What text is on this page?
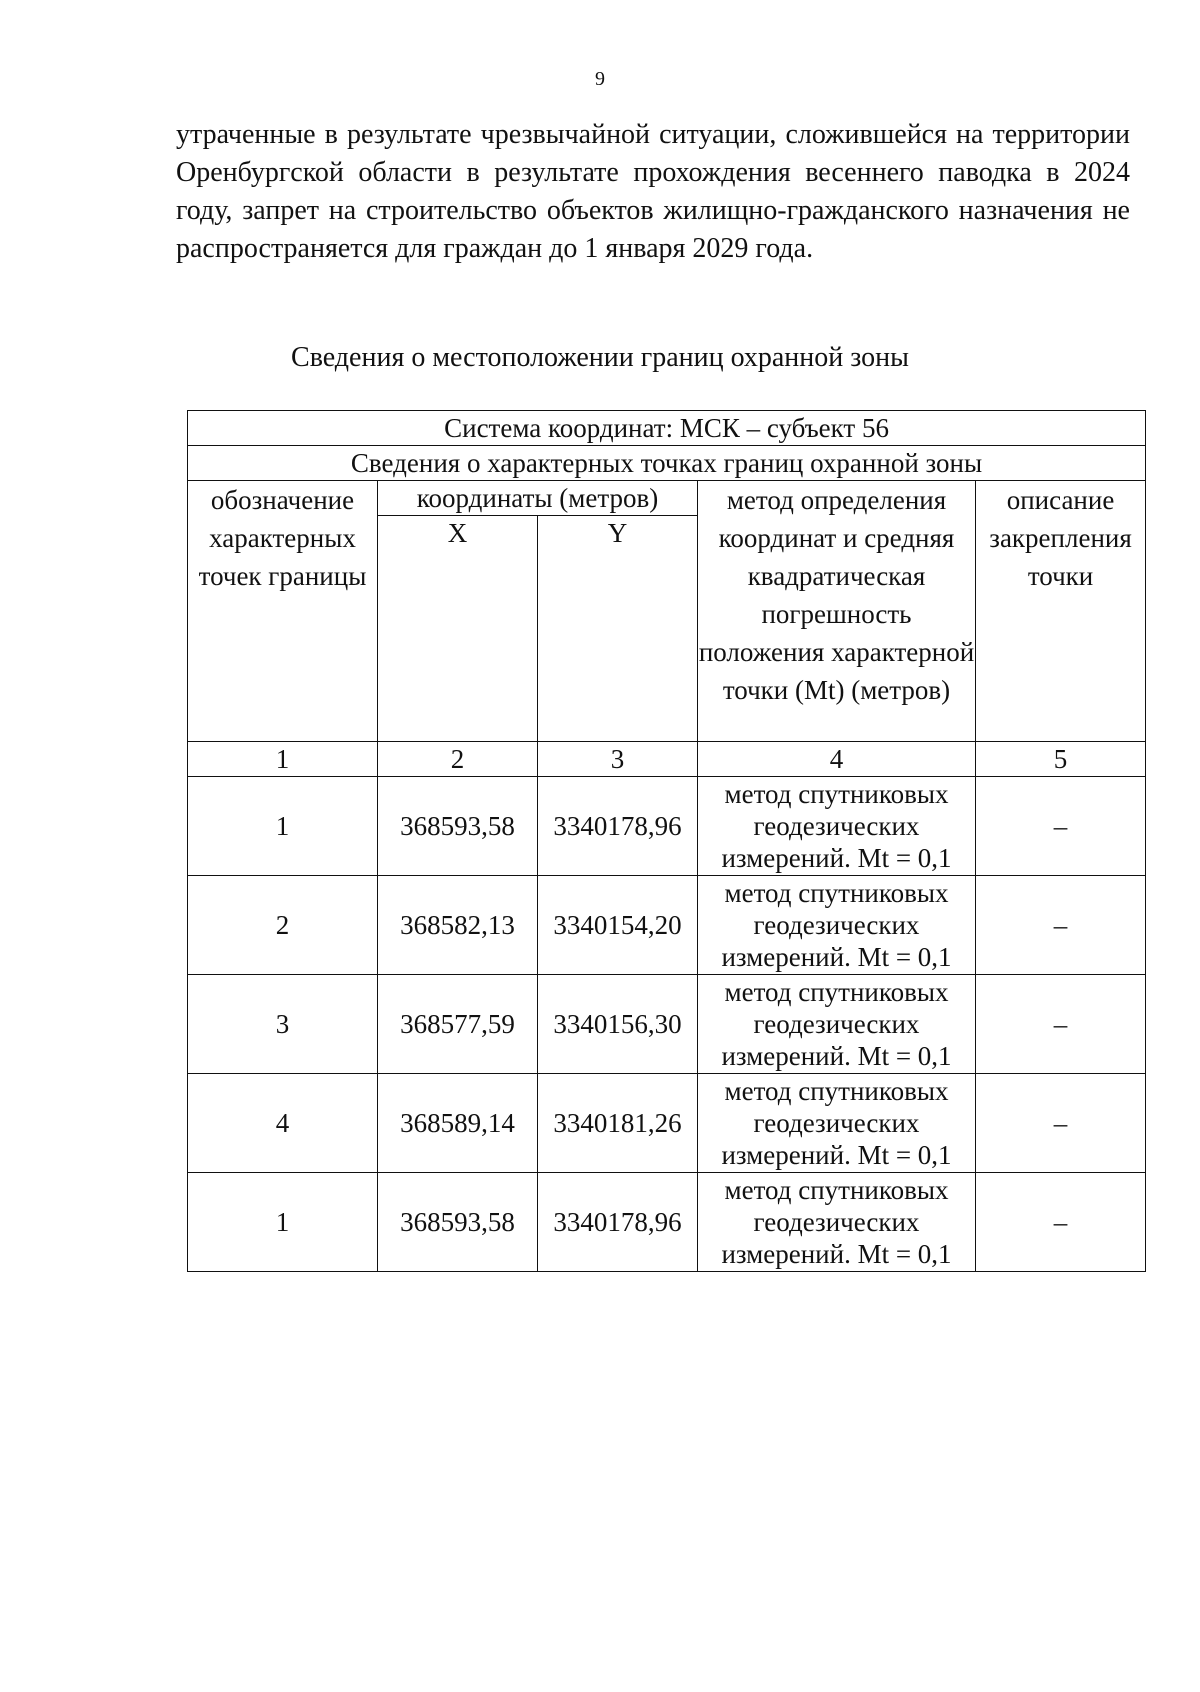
9

утраченные в результате чрезвычайной ситуации, сложившейся на территории Оренбургской области в результате прохождения весеннего паводка в 2024 году, запрет на строительство объектов жилищно-гражданского назначения не распространяется для граждан до 1 января 2029 года.

Сведения о местоположении границ охранной зоны
Система координат: МСК – субъект 56				
Сведения о характерных точках границ охранной зоны				
обозначение характерных точек границы	координаты (метров)		метод определения координат и средняя квадратическая погрешность положения характерной точки (Mt) (метров)	описание закрепления точки
	X	Y		
1	2	3	4	5
1	368593,58	3340178,96	метод спутниковых
геодезических
измерений. Mt = 0,1	–
2	368582,13	3340154,20	метод спутниковых
геодезических
измерений. Mt = 0,1	–
3	368577,59	3340156,30	метод спутниковых
геодезических
измерений. Mt = 0,1	–
4	368589,14	3340181,26	метод спутниковых
геодезических
измерений. Mt = 0,1	–
1	368593,58	3340178,96	метод спутниковых
геодезических
измерений. Mt = 0,1	–
